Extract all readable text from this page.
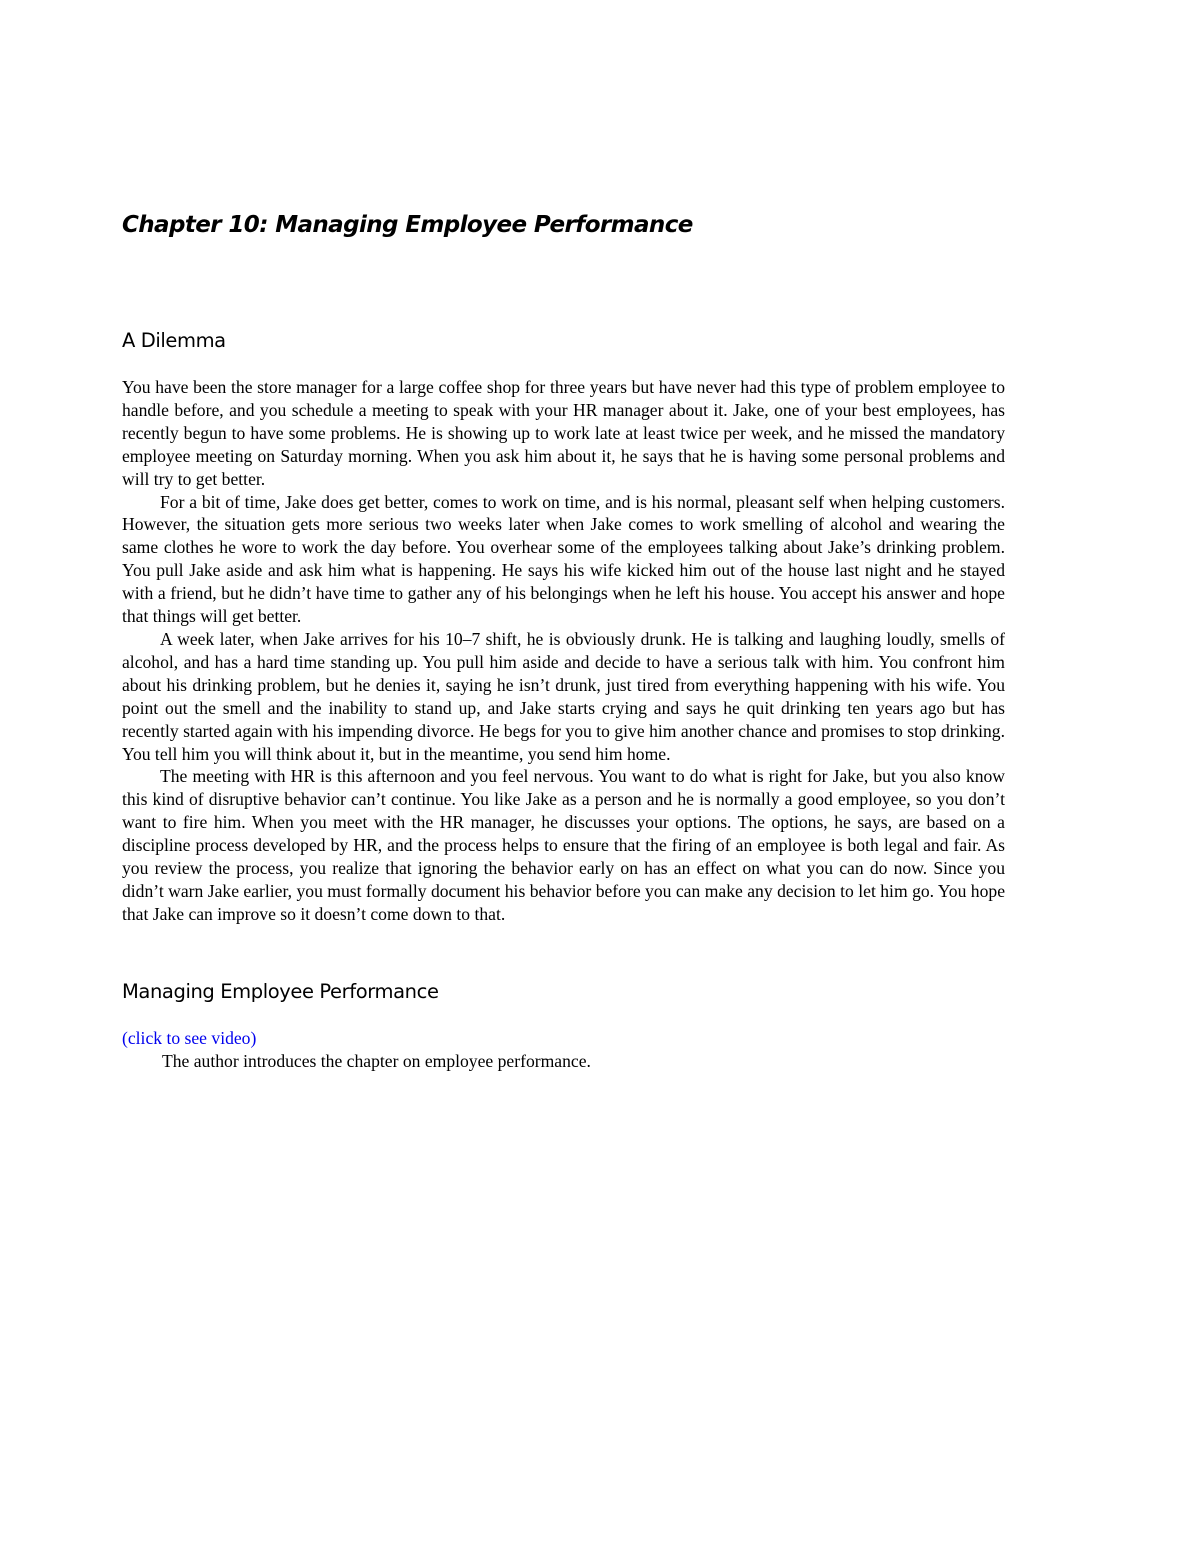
Chapter 10: Managing Employee Performance
A Dilemma

You have been the store manager for a large coffee shop for three years but have never had this type of problem employee to handle before, and you schedule a meeting to speak with your HR manager about it. Jake, one of your best employees, has recently begun to have some problems. He is showing up to work late at least twice per week, and he missed the mandatory employee meeting on Saturday morning. When you ask him about it, he says that he is having some personal problems and will try to get better.

For a bit of time, Jake does get better, comes to work on time, and is his normal, pleasant self when helping customers. However, the situation gets more serious two weeks later when Jake comes to work smelling of alcohol and wearing the same clothes he wore to work the day before. You overhear some of the employees talking about Jake’s drinking problem. You pull Jake aside and ask him what is happening. He says his wife kicked him out of the house last night and he stayed with a friend, but he didn’t have time to gather any of his belongings when he left his house. You accept his answer and hope that things will get better.

A week later, when Jake arrives for his 10–7 shift, he is obviously drunk. He is talking and laughing loudly, smells of alcohol, and has a hard time standing up. You pull him aside and decide to have a serious talk with him. You confront him about his drinking problem, but he denies it, saying he isn’t drunk, just tired from everything happening with his wife. You point out the smell and the inability to stand up, and Jake starts crying and says he quit drinking ten years ago but has recently started again with his impending divorce. He begs for you to give him another chance and promises to stop drinking. You tell him you will think about it, but in the meantime, you send him home.

The meeting with HR is this afternoon and you feel nervous. You want to do what is right for Jake, but you also know this kind of disruptive behavior can’t continue. You like Jake as a person and he is normally a good employee, so you don’t want to fire him. When you meet with the HR manager, he discusses your options. The options, he says, are based on a discipline process developed by HR, and the process helps to ensure that the firing of an employee is both legal and fair. As you review the process, you realize that ignoring the behavior early on has an effect on what you can do now. Since you didn’t warn Jake earlier, you must formally document his behavior before you can make any decision to let him go. You hope that Jake can improve so it doesn’t come down to that.

Managing Employee Performance
(click to see video)

The author introduces the chapter on employee performance.
